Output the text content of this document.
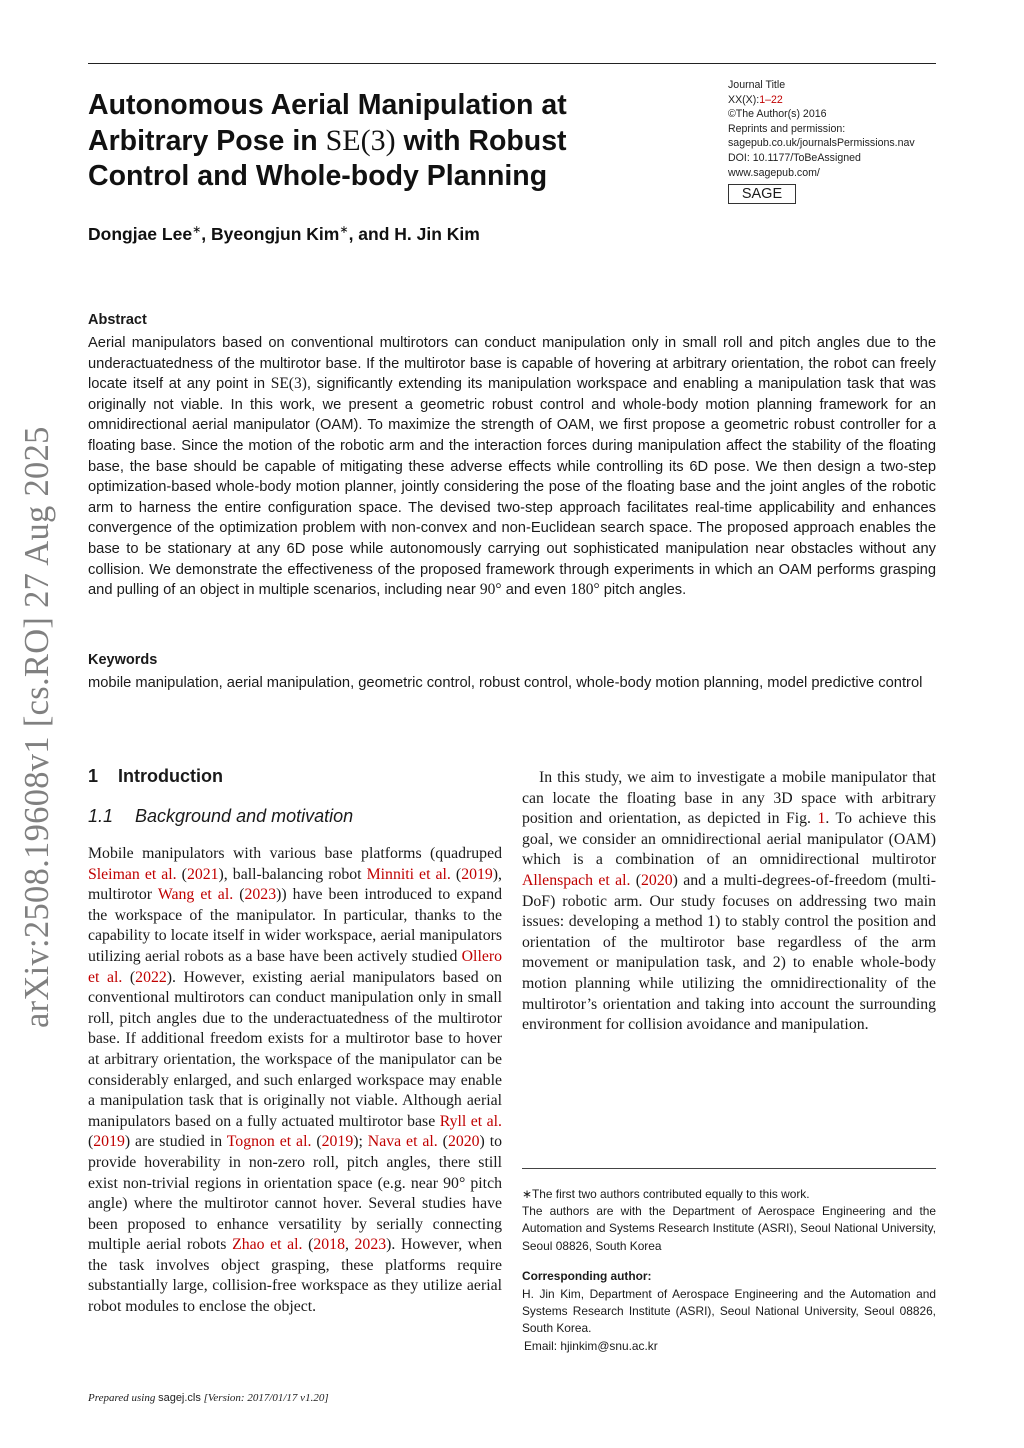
Autonomous Aerial Manipulation at Arbitrary Pose in SE(3) with Robust Control and Whole-body Planning
Journal Title
XX(X):1–22
©The Author(s) 2016
Reprints and permission:
sagepub.co.uk/journalsPermissions.nav
DOI: 10.1177/ToBeAssigned
www.sagepub.com/
SAGE
Dongjae Lee∗, Byeongjun Kim∗, and H. Jin Kim
Abstract

Aerial manipulators based on conventional multirotors can conduct manipulation only in small roll and pitch angles due to the underactuatedness of the multirotor base. If the multirotor base is capable of hovering at arbitrary orientation, the robot can freely locate itself at any point in SE(3), significantly extending its manipulation workspace and enabling a manipulation task that was originally not viable. In this work, we present a geometric robust control and whole-body motion planning framework for an omnidirectional aerial manipulator (OAM). To maximize the strength of OAM, we first propose a geometric robust controller for a floating base. Since the motion of the robotic arm and the interaction forces during manipulation affect the stability of the floating base, the base should be capable of mitigating these adverse effects while controlling its 6D pose. We then design a two-step optimization-based whole-body motion planner, jointly considering the pose of the floating base and the joint angles of the robotic arm to harness the entire configuration space. The devised two-step approach facilitates real-time applicability and enhances convergence of the optimization problem with non-convex and non-Euclidean search space. The proposed approach enables the base to be stationary at any 6D pose while autonomously carrying out sophisticated manipulation near obstacles without any collision. We demonstrate the effectiveness of the proposed framework through experiments in which an OAM performs grasping and pulling of an object in multiple scenarios, including near 90° and even 180° pitch angles.

Keywords

mobile manipulation, aerial manipulation, geometric control, robust control, whole-body motion planning, model predictive control

arXiv:2508.19608v1 [cs.RO] 27 Aug 2025 1 Introduction
1.1 Background and motivation

Mobile manipulators with various base platforms (quadruped Sleiman et al. (2021), ball-balancing robot Minniti et al. (2019), multirotor Wang et al. (2023)) have been introduced to expand the workspace of the manipulator. In particular, thanks to the capability to locate itself in wider workspace, aerial manipulators utilizing aerial robots as a base have been actively studied Ollero et al. (2022). However, existing aerial manipulators based on conventional multirotors can conduct manipulation only in small roll, pitch angles due to the underactuatedness of the multirotor base. If additional freedom exists for a multirotor base to hover at arbitrary orientation, the workspace of the manipulator can be considerably enlarged, and such enlarged workspace may enable a manipulation task that is originally not viable. Although aerial manipulators based on a fully actuated multirotor base Ryll et al. (2019) are studied in Tognon et al. (2019); Nava et al. (2020) to provide hoverability in non-zero roll, pitch angles, there still exist non-trivial regions in orientation space (e.g. near 90° pitch angle) where the multirotor cannot hover. Several studies have been proposed to enhance versatility by serially connecting multiple aerial robots Zhao et al. (2018, 2023). However, when the task involves object grasping, these platforms require substantially large, collision-free workspace as they utilize aerial robot modules to enclose the object.

In this study, we aim to investigate a mobile manipulator that can locate the floating base in any 3D space with arbitrary position and orientation, as depicted in Fig. 1. To achieve this goal, we consider an omnidirectional aerial manipulator (OAM) which is a combination of an omnidirectional multirotor Allenspach et al. (2020) and a multi-degrees-of-freedom (multi-DoF) robotic arm. Our study focuses on addressing two main issues: developing a method 1) to stably control the position and orientation of the multirotor base regardless of the arm movement or manipulation task, and 2) to enable whole-body motion planning while utilizing the omnidirectionality of the multirotor’s orientation and taking into account the surrounding environment for collision avoidance and manipulation.

∗The first two authors contributed equally to this work.
The authors are with the Department of Aerospace Engineering and the Automation and Systems Research Institute (ASRI), Seoul National University, Seoul 08826, South Korea

Corresponding author:

H. Jin Kim, Department of Aerospace Engineering and the Automation and Systems Research Institute (ASRI), Seoul National University, Seoul 08826, South Korea.

Email: hjinkim@snu.ac.kr
Prepared using sagej.cls [Version: 2017/01/17 v1.20]
